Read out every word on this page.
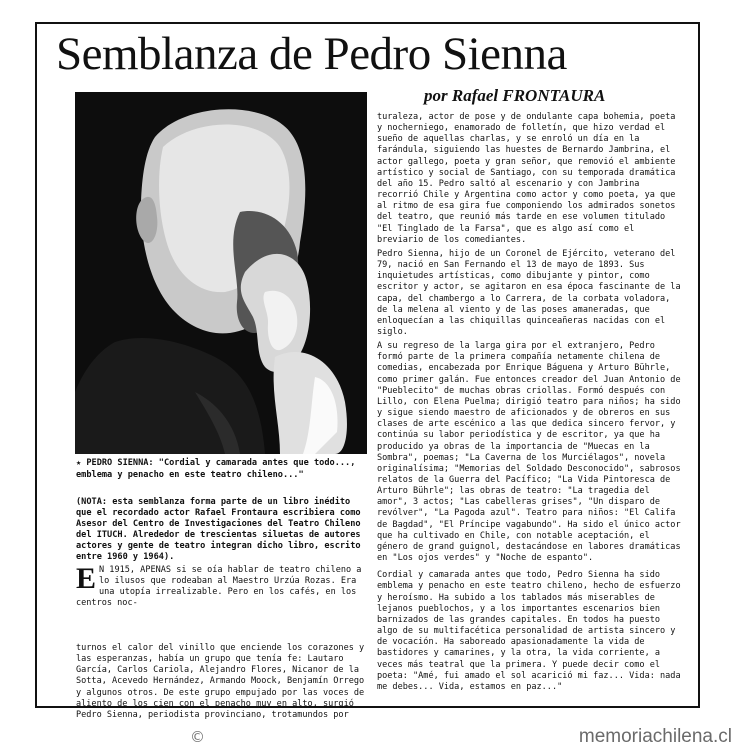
Semblanza de Pedro Sienna
por Rafael FRONTAURA
★ PEDRO SIENNA: "Cordial y camarada antes que todo..., emblema y penacho en este teatro chileno..."
(NOTA: esta semblanza forma parte de un libro inédito que el recordado actor Rafael Frontaura escribiera como Asesor del Centro de Investigaciones del Teatro Chileno del ITUCH. Alrededor de trescientas siluetas de autores actores y gente de teatro integran dicho libro, escrito entre 1960 y 1964).
E N 1915, APENAS si se oía hablar de teatro chileno a lo ilusos que rodeaban al Maestro Urzúa Rozas. Era una utopía irrealizable. Pero en los cafés, en los centros noc-

turnos el calor del vinillo que enciende los corazones y las esperanzas, había un grupo que tenía fe: Lautaro García, Carlos Cariola, Alejandro Flores, Nicanor de la Sotta, Acevedo Hernández, Armando Moock, Benjamín Orrego y algunos otros. De este grupo empujado por las voces de aliento de los cien con el penacho muy en alto, surgió Pedro Sienna, periodista provinciano, trotamundos por

turaleza, actor de pose y de ondulante capa bohemia, poeta y nocherniego, enamorado de folletín, que hizo verdad el sueño de aquellas charlas, y se enroló un día en la farándula, siguiendo las huestes de Bernardo Jambrina, el actor gallego, poeta y gran señor, que removió el ambiente artístico y social de Santiago, con su temporada dramática del año 15. Pedro saltó al escenario y con Jambrina recorrió Chile y Argentina como actor y como poeta, ya que al ritmo de esa gira fue componiendo los admirados sonetos del teatro, que reunió más tarde en ese volumen titulado "El Tinglado de la Farsa", que es algo así como el breviario de los comediantes.

Pedro Sienna, hijo de un Coronel de Ejército, veterano del 79, nació en San Fernando el 13 de mayo de 1893. Sus inquietudes artísticas, como dibujante y pintor, como escritor y actor, se agitaron en esa época fascinante de la capa, del chambergo a lo Carrera, de la corbata voladora, de la melena al viento y de las poses amaneradas, que enloquecían a las chiquillas quinceañeras nacidas con el siglo.

A su regreso de la larga gira por el extranjero, Pedro formó parte de la primera compañía netamente chilena de comedias, encabezada por Enrique Báguena y Arturo Bührle, como primer galán. Fue entonces creador del Juan Antonio de "Pueblecito" de muchas obras criollas. Formó después con Lillo, con Elena Puelma; dirigió teatro para niños; ha sido y sigue siendo maestro de aficionados y de obreros en sus clases de arte escénico a las que dedica sincero fervor, y continúa su labor periodística y de escritor, ya que ha producido ya obras de la importancia de "Muecas en la Sombra", poemas; "La Caverna de los Murciélagos", novela originalísima; "Memorias del Soldado Desconocido", sabrosos relatos de la Guerra del Pacífico; "La Vida Pintoresca de Arturo Bührle"; las obras de teatro: "La tragedia del amor", 3 actos; "Las cabelleras grises", "Un disparo de revólver", "La Pagoda azul". Teatro para niños: "El Califa de Bagdad", "El Príncipe vagabundo". Ha sido el único actor que ha cultivado en Chile, con notable aceptación, el género de grand guignol, destacándose en labores dramáticas en "Los ojos verdes" y "Noche de espanto".

Cordial y camarada antes que todo, Pedro Sienna ha sido emblema y penacho en este teatro chileno, hecho de esfuerzo y heroísmo. Ha subido a los tablados más miserables de lejanos pueblochos, y a los importantes escenarios bien barnizados de las grandes capitales. En todos ha puesto algo de su multifacética personalidad de artista sincero y de vocación. Ha saboreado apasionadamente la vida de bastidores y camarines, y la otra, la vida corriente, a veces más teatral que la primera. Y puede decir como el poeta: "Amé, fui amado el sol acarició mi faz... Vida: nada me debes... Vida, estamos en paz..."

©	memoriachilena.cl
